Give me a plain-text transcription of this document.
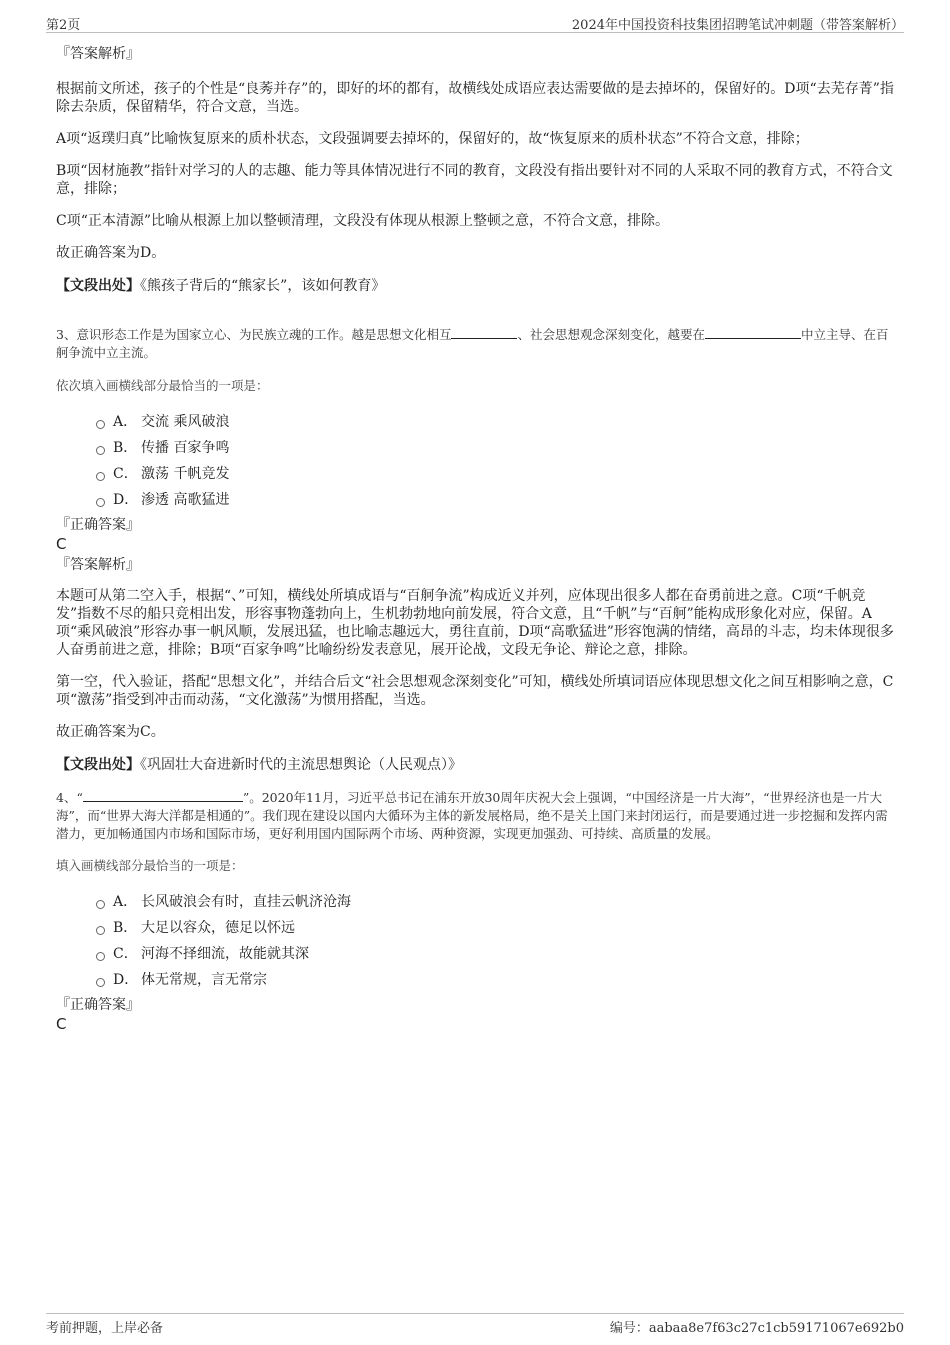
第2页	2024年中国投资科技集团招聘笔试冲刺题（带答案解析）

『答案解析』

根据前文所述，孩子的个性是“良莠并存”的，即好的坏的都有，故横线处成语应表达需要做的是去掉坏的，保留好的。D项“去芜存菁”指除去杂质，保留精华，符合文意，当选。

A项“返璞归真”比喻恢复原来的质朴状态，文段强调要去掉坏的，保留好的，故“恢复原来的质朴状态”不符合文意，排除；

B项“因材施教”指针对学习的人的志趣、能力等具体情况进行不同的教育，文段没有指出要针对不同的人采取不同的教育方式，不符合文意，排除；

C项“正本清源”比喻从根源上加以整顿清理，文段没有体现从根源上整顿之意，不符合文意，排除。

故正确答案为D。

【文段出处】《熊孩子背后的“熊家长”，该如何教育》

3、意识形态工作是为国家立心、为民族立魂的工作。越是思想文化相互	、社会思想观念深刻变化，越要在	中立主导、在百舸争流中立主流。

依次填入画横线部分最恰当的一项是：

A． 交流 乘风破浪
B． 传播 百家争鸣
C． 激荡 千帆竞发
D． 渗透 高歌猛进

『正确答案』

C

『答案解析』

本题可从第二空入手，根据“、”可知，横线处所填成语与“百舸争流”构成近义并列，应体现出很多人都在奋勇前进之意。C项“千帆竞发”指数不尽的船只竞相出发，形容事物蓬勃向上，生机勃勃地向前发展，符合文意，且“千帆”与“百舸”能构成形象化对应，保留。A项“乘风破浪”形容办事一帆风顺，发展迅猛，也比喻志趣远大，勇往直前，D项“高歌猛进”形容饱满的情绪，高昂的斗志，均未体现很多人奋勇前进之意，排除；B项“百家争鸣”比喻纷纷发表意见，展开论战，文段无争论、辩论之意，排除。

第一空，代入验证，搭配“思想文化”，并结合后文“社会思想观念深刻变化”可知，横线处所填词语应体现思想文化之间互相影响之意，C项“激荡”指受到冲击而动荡，“文化激荡”为惯用搭配，当选。

故正确答案为C。

【文段出处】《巩固壮大奋进新时代的主流思想舆论（人民观点）》

4、“	”。2020年11月，习近平总书记在浦东开放30周年庆祝大会上强调，“中国经济是一片大海”，“世界经济也是一片大海”，而“世界大海大洋都是相通的”。我们现在建设以国内大循环为主体的新发展格局，绝不是关上国门来封闭运行，而是要通过进一步挖掘和发挥内需潜力，更加畅通国内市场和国际市场，更好利用国内国际两个市场、两种资源，实现更加强劲、可持续、高质量的发展。

填入画横线部分最恰当的一项是：

A． 长风破浪会有时，直挂云帆济沧海
B． 大足以容众，德足以怀远
C． 河海不择细流，故能就其深
D． 体无常规，言无常宗

『正确答案』

C

考前押题，上岸必备	编号：aabaa8e7f63c27c1cb59171067e692b0
